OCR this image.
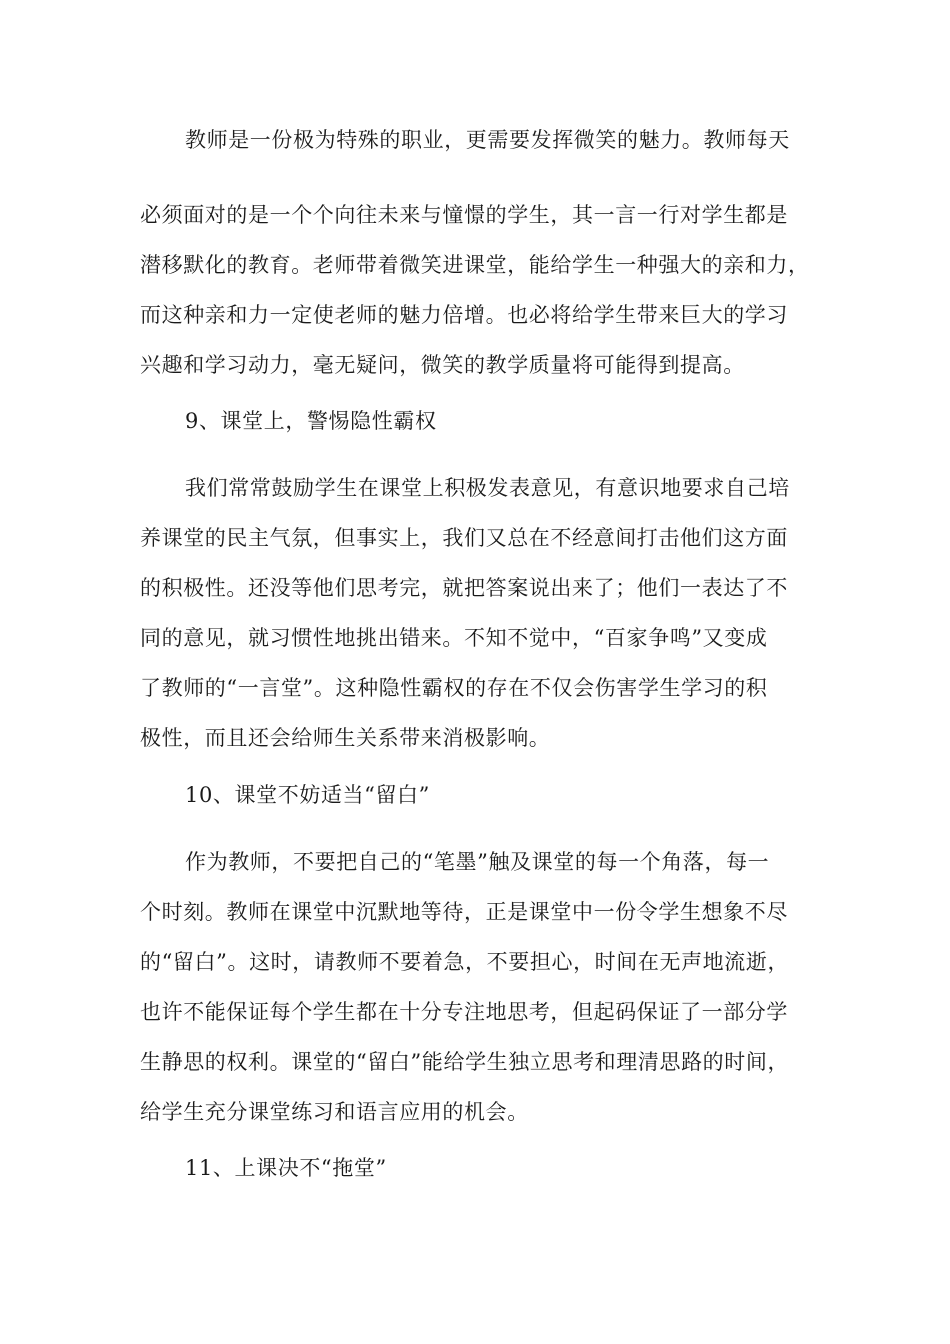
教师是一份极为特殊的职业，更需要发挥微笑的魅力。教师每天
必须面对的是一个个向往未来与憧憬的学生，其一言一行对学生都是
潜移默化的教育。老师带着微笑进课堂，能给学生一种强大的亲和力，
而这种亲和力一定使老师的魅力倍增。也必将给学生带来巨大的学习
兴趣和学习动力，毫无疑问，微笑的教学质量将可能得到提高。
9、课堂上，警惕隐性霸权
我们常常鼓励学生在课堂上积极发表意见，有意识地要求自己培
养课堂的民主气氛，但事实上，我们又总在不经意间打击他们这方面
的积极性。还没等他们思考完，就把答案说出来了；他们一表达了不
同的意见，就习惯性地挑出错来。不知不觉中，“百家争鸣”又变成
了教师的“一言堂”。这种隐性霸权的存在不仅会伤害学生学习的积
极性，而且还会给师生关系带来消极影响。
10、课堂不妨适当“留白”
作为教师，不要把自己的“笔墨”触及课堂的每一个角落，每一
个时刻。教师在课堂中沉默地等待，正是课堂中一份令学生想象不尽
的“留白”。这时，请教师不要着急，不要担心，时间在无声地流逝，
也许不能保证每个学生都在十分专注地思考，但起码保证了一部分学
生静思的权利。课堂的“留白”能给学生独立思考和理清思路的时间，
给学生充分课堂练习和语言应用的机会。
11、上课决不“拖堂”
